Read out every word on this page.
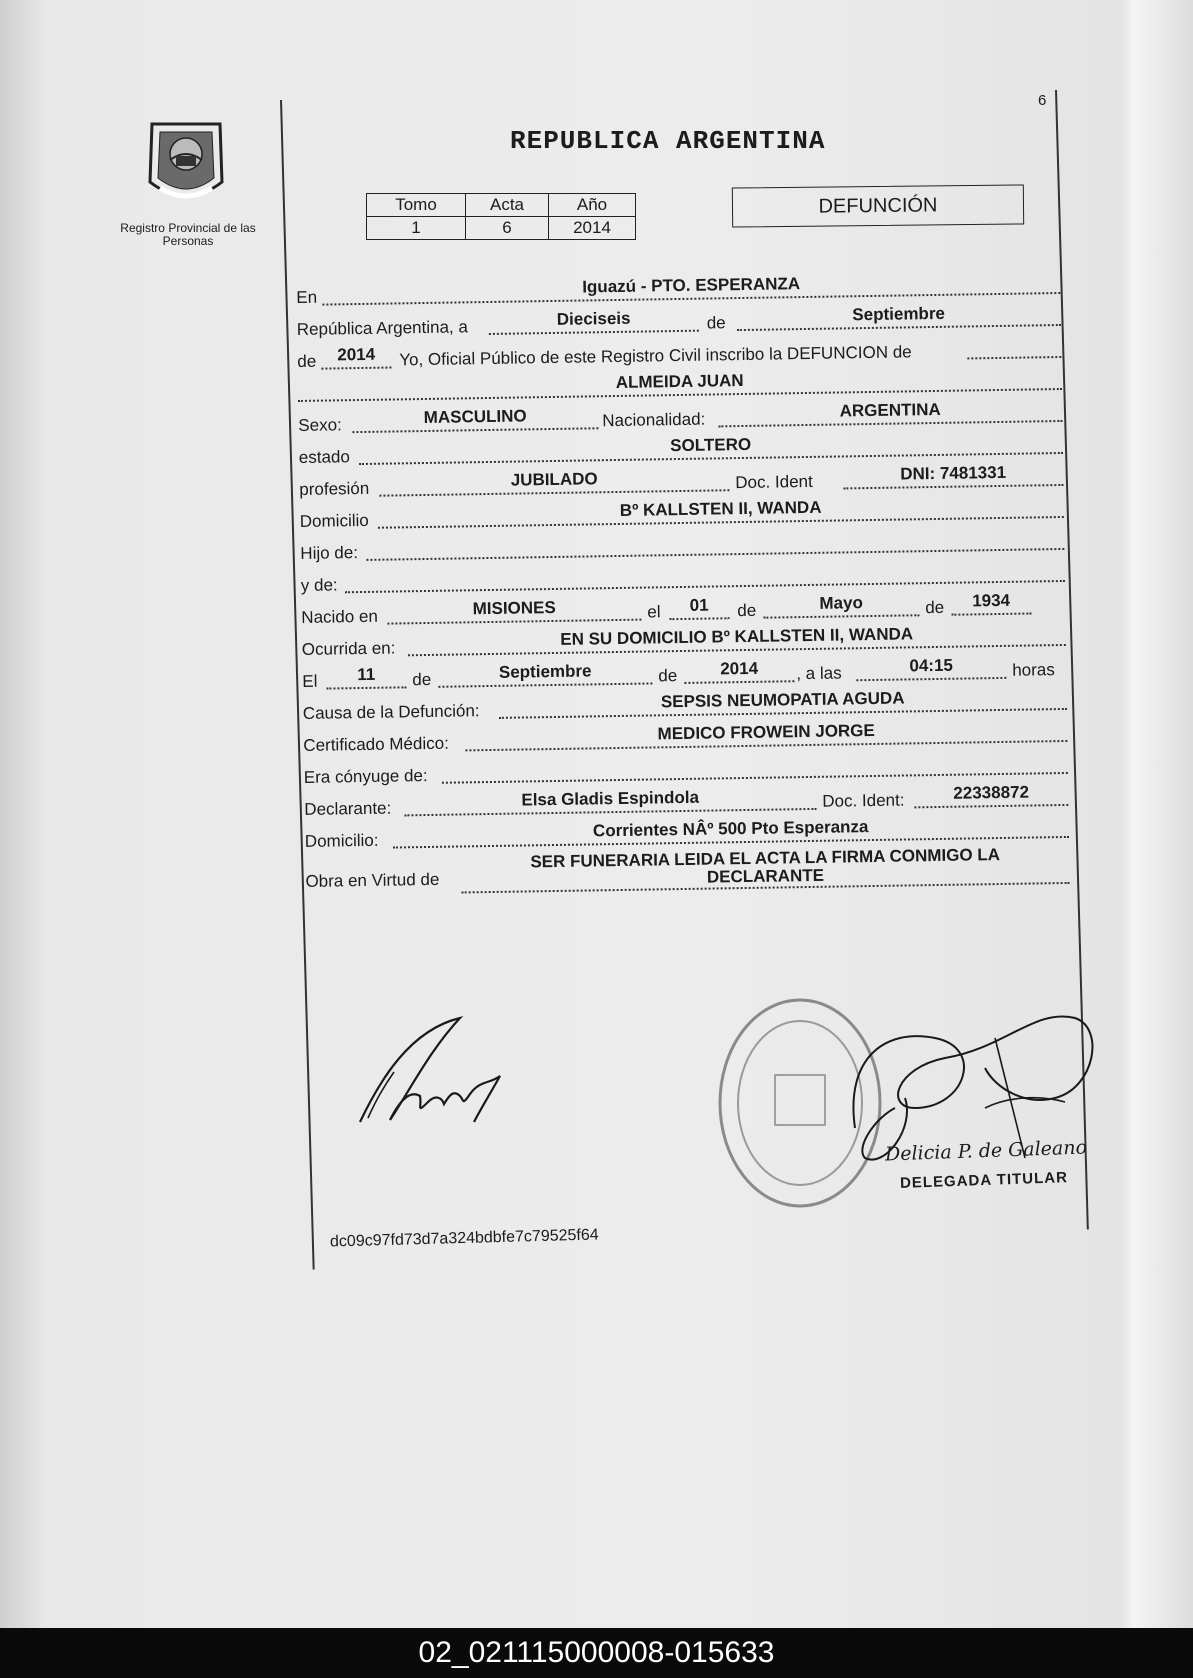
6
Registro Provincial de las Personas
REPUBLICA ARGENTINA
Tomo	Acta	Año
1	6	2014
DEFUNCIÓN
En
Iguazú - PTO. ESPERANZA
República Argentina, a	Dieciseis	de	Septiembre
de	2014	Yo, Oficial Público de este Registro Civil inscribo la DEFUNCION de
ALMEIDA JUAN
Sexo:	MASCULINO	Nacionalidad:	ARGENTINA
estado
SOLTERO
profesión	JUBILADO	Doc. Ident	DNI: 7481331
Domicilio
Bº KALLSTEN II, WANDA
Hijo de:
y de:
Nacido en	MISIONES	el	01	de	Mayo	de	1934
Ocurrida en:	EN SU DOMICILIO Bº KALLSTEN II, WANDA
El	11	de	Septiembre	de	2014	, a las	04:15	horas
Causa de la Defunción:
SEPSIS NEUMOPATIA AGUDA
Certificado Médico:
MEDICO FROWEIN JORGE
Era cónyuge de:
Declarante:	Elsa Gladis Espindola	Doc. Ident:	22338872
Domicilio:
Corrientes NÂº 500 Pto Esperanza
Obra en Virtud de
SER FUNERARIA LEIDA EL ACTA LA FIRMA CONMIGO LA
DECLARANTE
Delicia P. de Galeano
DELEGADA TITULAR
dc09c97fd73d7a324bdbfe7c79525f64
02_021115000008-015633
